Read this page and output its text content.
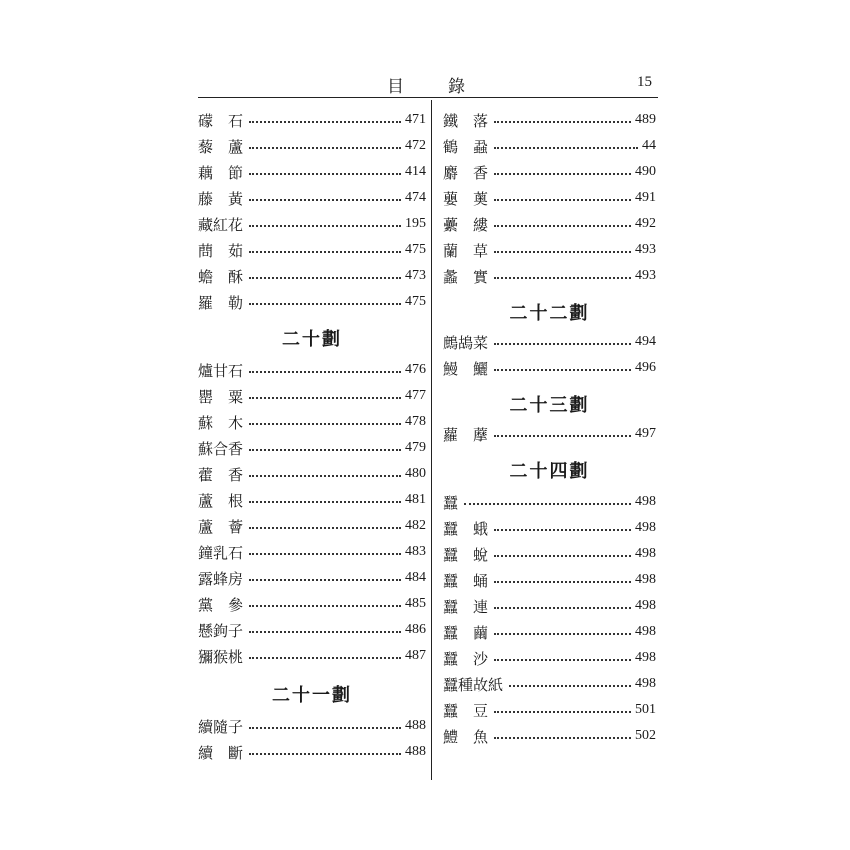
目錄	15
礞　石	471
藜　蘆	472
藕　節	414
藤　黃	474
藏紅花	195
蔄　茹	475
蟾　酥	473
羅　勒	475
二十劃
爐甘石	476
罌　粟	477
蘇　木	478
蘇合香	479
藿　香	480
蘆　根	481
蘆　薈	482
鐘乳石	483
露蜂房	484
黨　參	485
懸鉤子	486
獼猴桃	487
二十一劃
續隨子	488
續　斷	488
鐵　落	489
鶴　蝨	44
麝　香	490
蘡　薁	491
虆　縷	492
蘭　草	493
蠡　實	493
二十二劃
鷓鴣菜	494
鰻　鱺	496
二十三劃
蘿　藦	497
二十四劃
蠶	498
蠶　蛾	498
蠶　蛻	498
蠶　蛹	498
蠶　連	498
蠶　繭	498
蠶　沙	498
蠶種故紙	498
蠶　豆	501
鱧　魚	502
